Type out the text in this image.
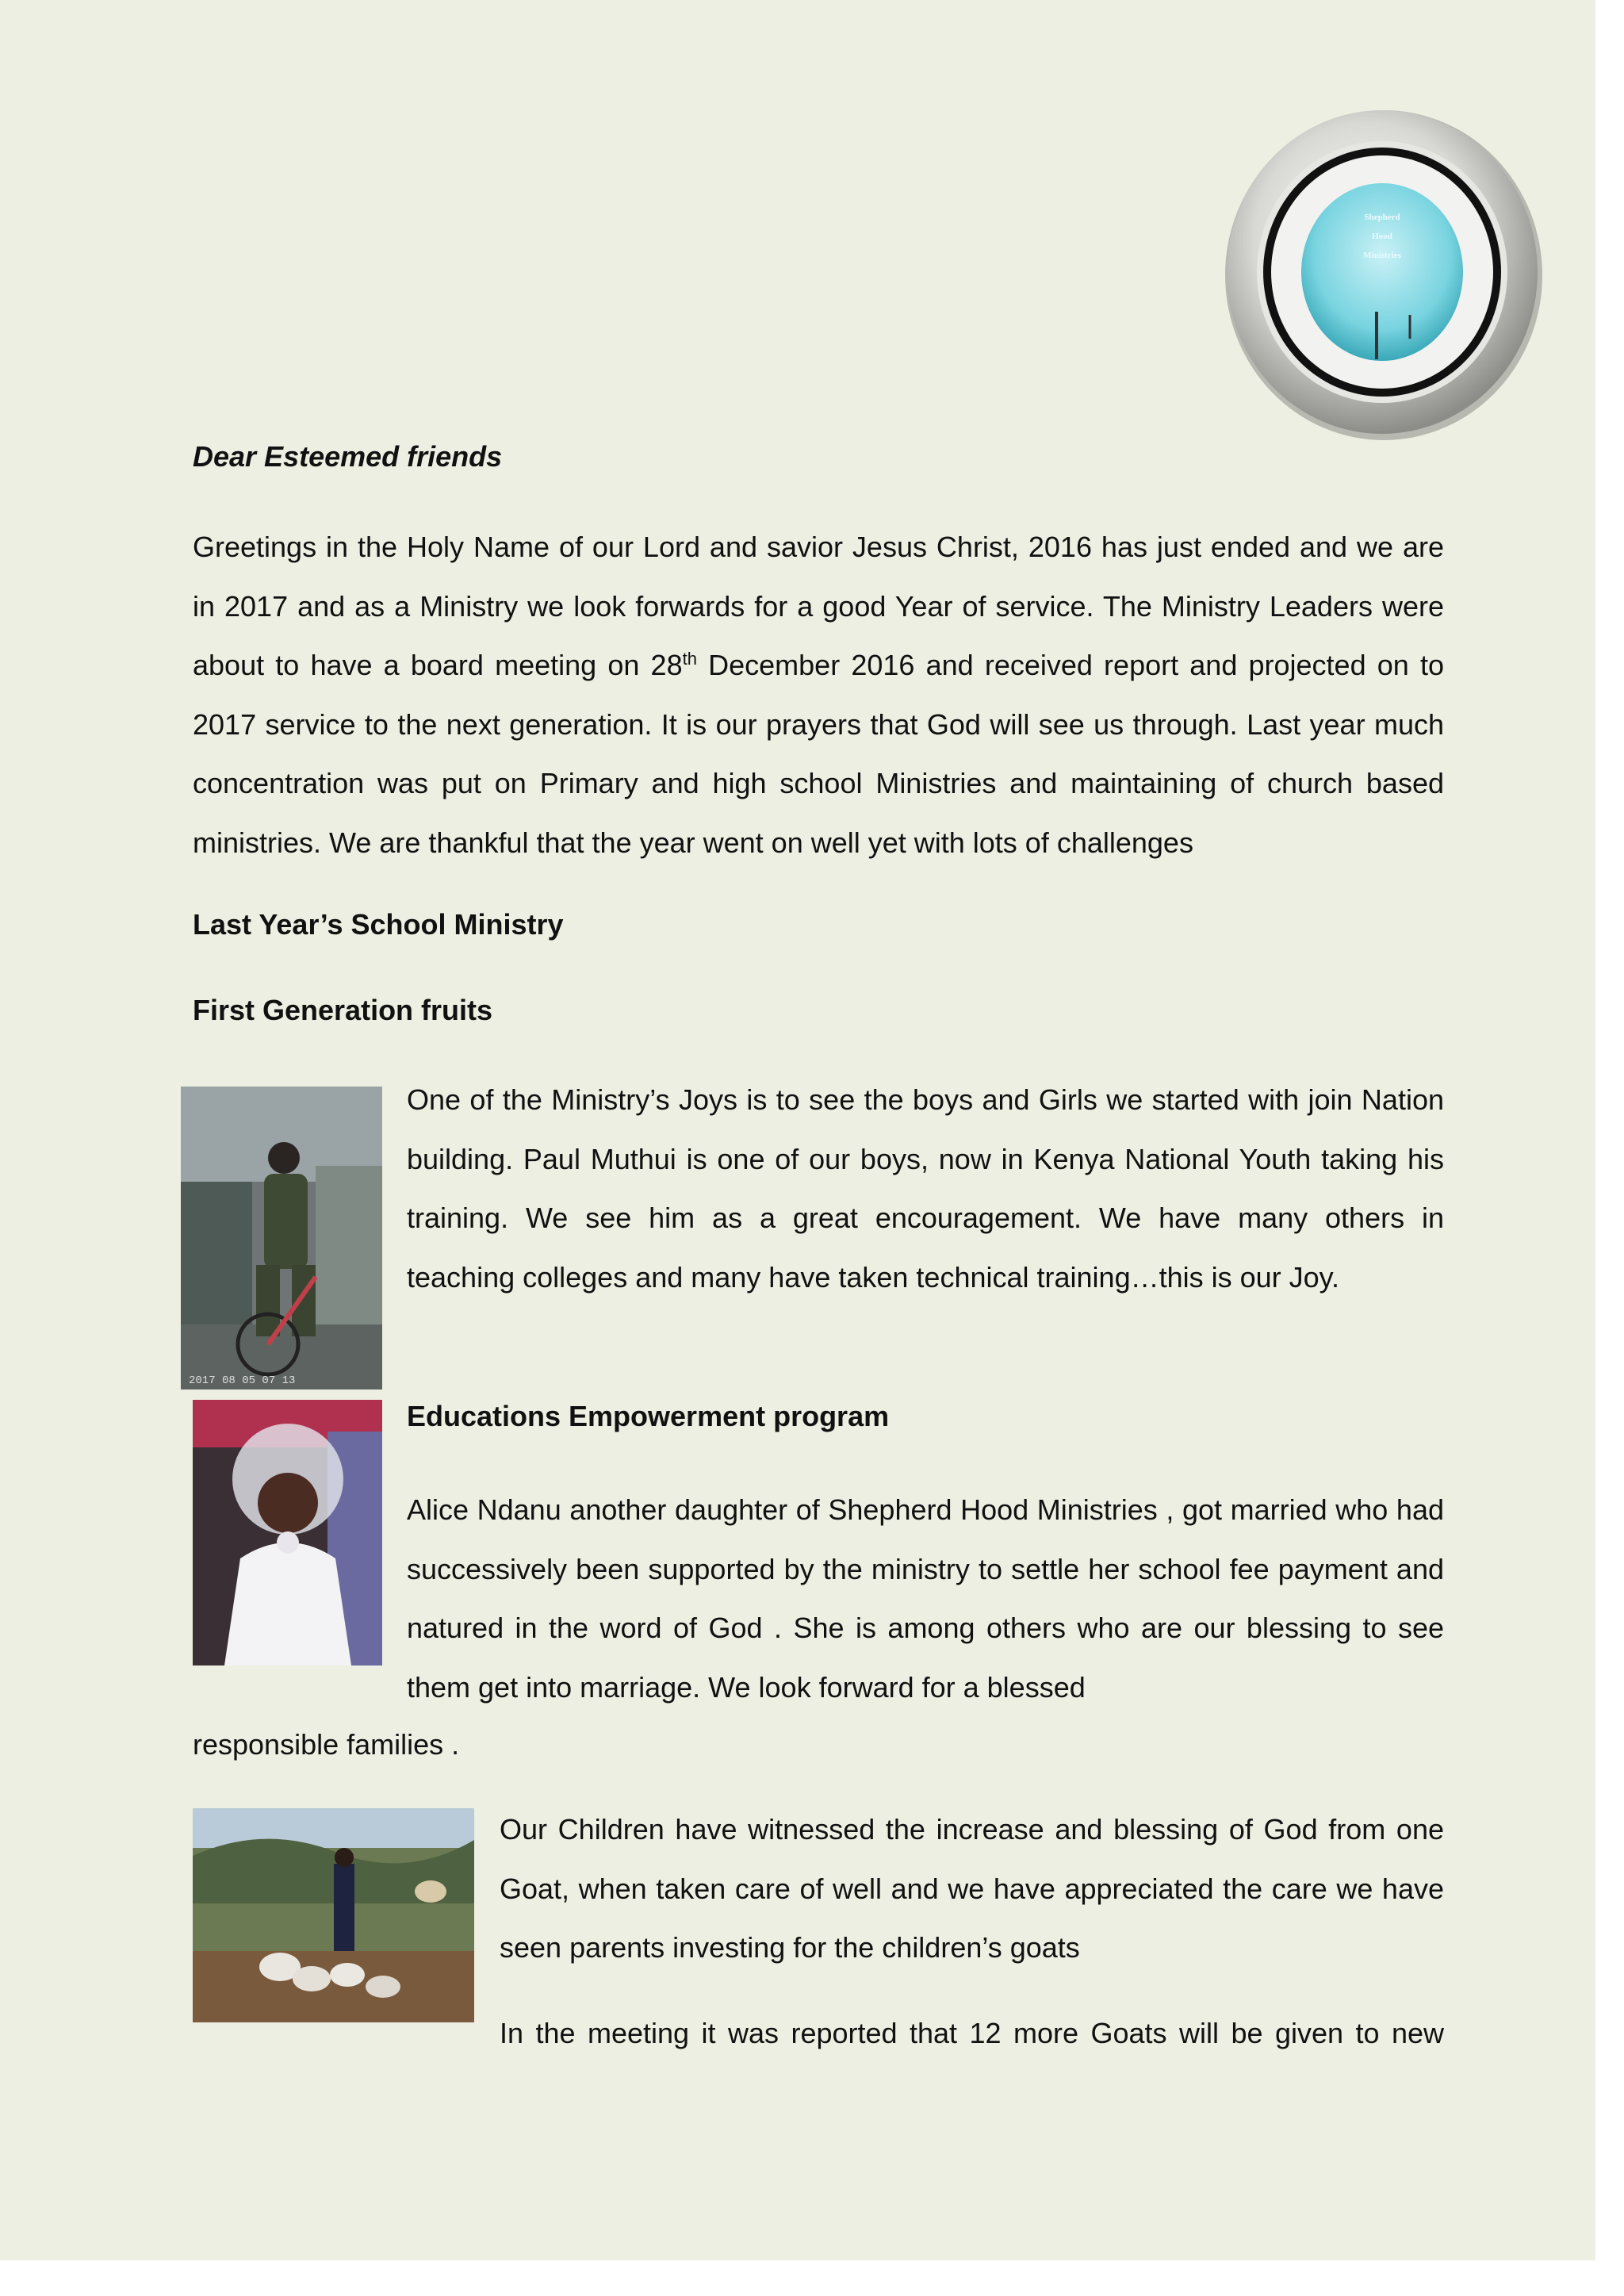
Shepherd
Hood
Ministries

Dear Esteemed friends

Greetings in the Holy Name of our Lord and savior Jesus Christ, 2016 has just ended and we are in 2017 and as a Ministry we look forwards for a good Year of service. The Ministry Leaders were about to have a board meeting on 28th December 2016 and received report and projected on to 2017 service to the next generation. It is our prayers that God will see us through. Last year much concentration was put on Primary and high school Ministries and maintaining of church based ministries. We are thankful that the year went on well yet with lots of challenges

Last Year’s School Ministry

First Generation fruits

2017 08 05 07 13

One of the Ministry’s Joys is to see the boys and Girls we started with join Nation building. Paul Muthui is one of our boys, now in Kenya National Youth taking his training. We see him as a great encouragement. We have many others in teaching colleges and many have taken technical training…this is our Joy.

Educations Empowerment program

Alice Ndanu another daughter of Shepherd Hood Ministries , got married who had successively been supported by the ministry to settle her school fee payment and natured in the word of God . She is among others who are our blessing to see them get into marriage. We look forward for a blessed

responsible families .

Our Children have witnessed the increase and blessing of God from one Goat, when taken care of well and we have appreciated the care we have seen parents investing for the children’s goats

In the meeting it was reported that 12 more Goats will be given to new
